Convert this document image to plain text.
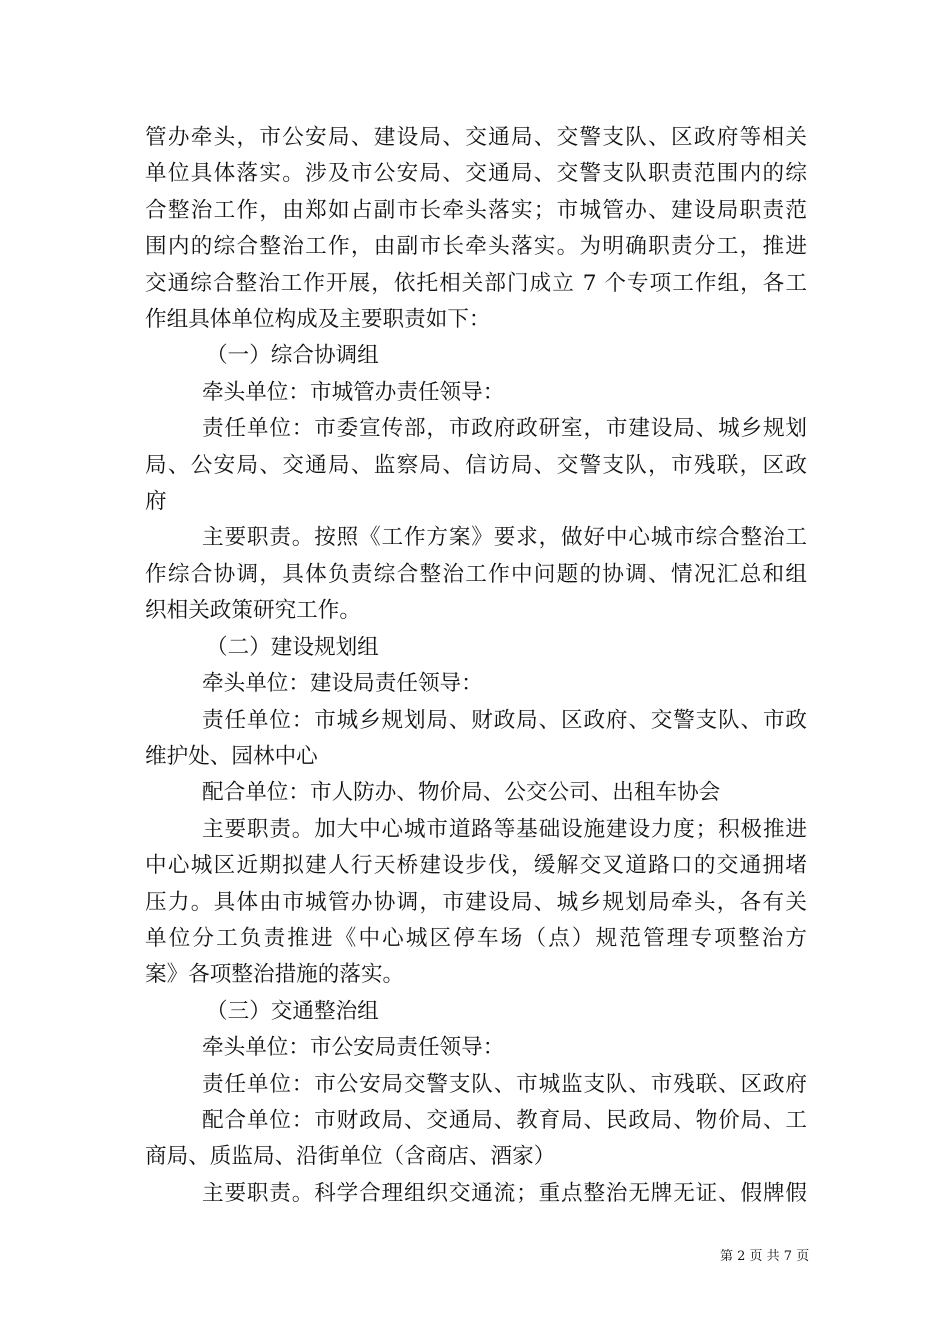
管办牵头，市公安局、建设局、交通局、交警支队、区政府等相关
单位具体落实。涉及市公安局、交通局、交警支队职责范围内的综
合整治工作，由郑如占副市长牵头落实；市城管办、建设局职责范
围内的综合整治工作，由副市长牵头落实。为明确职责分工，推进
交通综合整治工作开展，依托相关部门成立 7 个专项工作组，各工
作组具体单位构成及主要职责如下：
（一）综合协调组
牵头单位：市城管办责任领导：
责任单位：市委宣传部，市政府政研室，市建设局、城乡规划
局、公安局、交通局、监察局、信访局、交警支队，市残联，区政
府
主要职责。按照《工作方案》要求，做好中心城市综合整治工
作综合协调，具体负责综合整治工作中问题的协调、情况汇总和组
织相关政策研究工作。
（二）建设规划组
牵头单位：建设局责任领导：
责任单位：市城乡规划局、财政局、区政府、交警支队、市政
维护处、园林中心
配合单位：市人防办、物价局、公交公司、出租车协会
主要职责。加大中心城市道路等基础设施建设力度；积极推进
中心城区近期拟建人行天桥建设步伐，缓解交叉道路口的交通拥堵
压力。具体由市城管办协调，市建设局、城乡规划局牵头，各有关
单位分工负责推进《中心城区停车场（点）规范管理专项整治方
案》各项整治措施的落实。
（三）交通整治组
牵头单位：市公安局责任领导：
责任单位：市公安局交警支队、市城监支队、市残联、区政府
配合单位：市财政局、交通局、教育局、民政局、物价局、工
商局、质监局、沿街单位（含商店、酒家）
主要职责。科学合理组织交通流；重点整治无牌无证、假牌假
第 2 页 共 7 页
